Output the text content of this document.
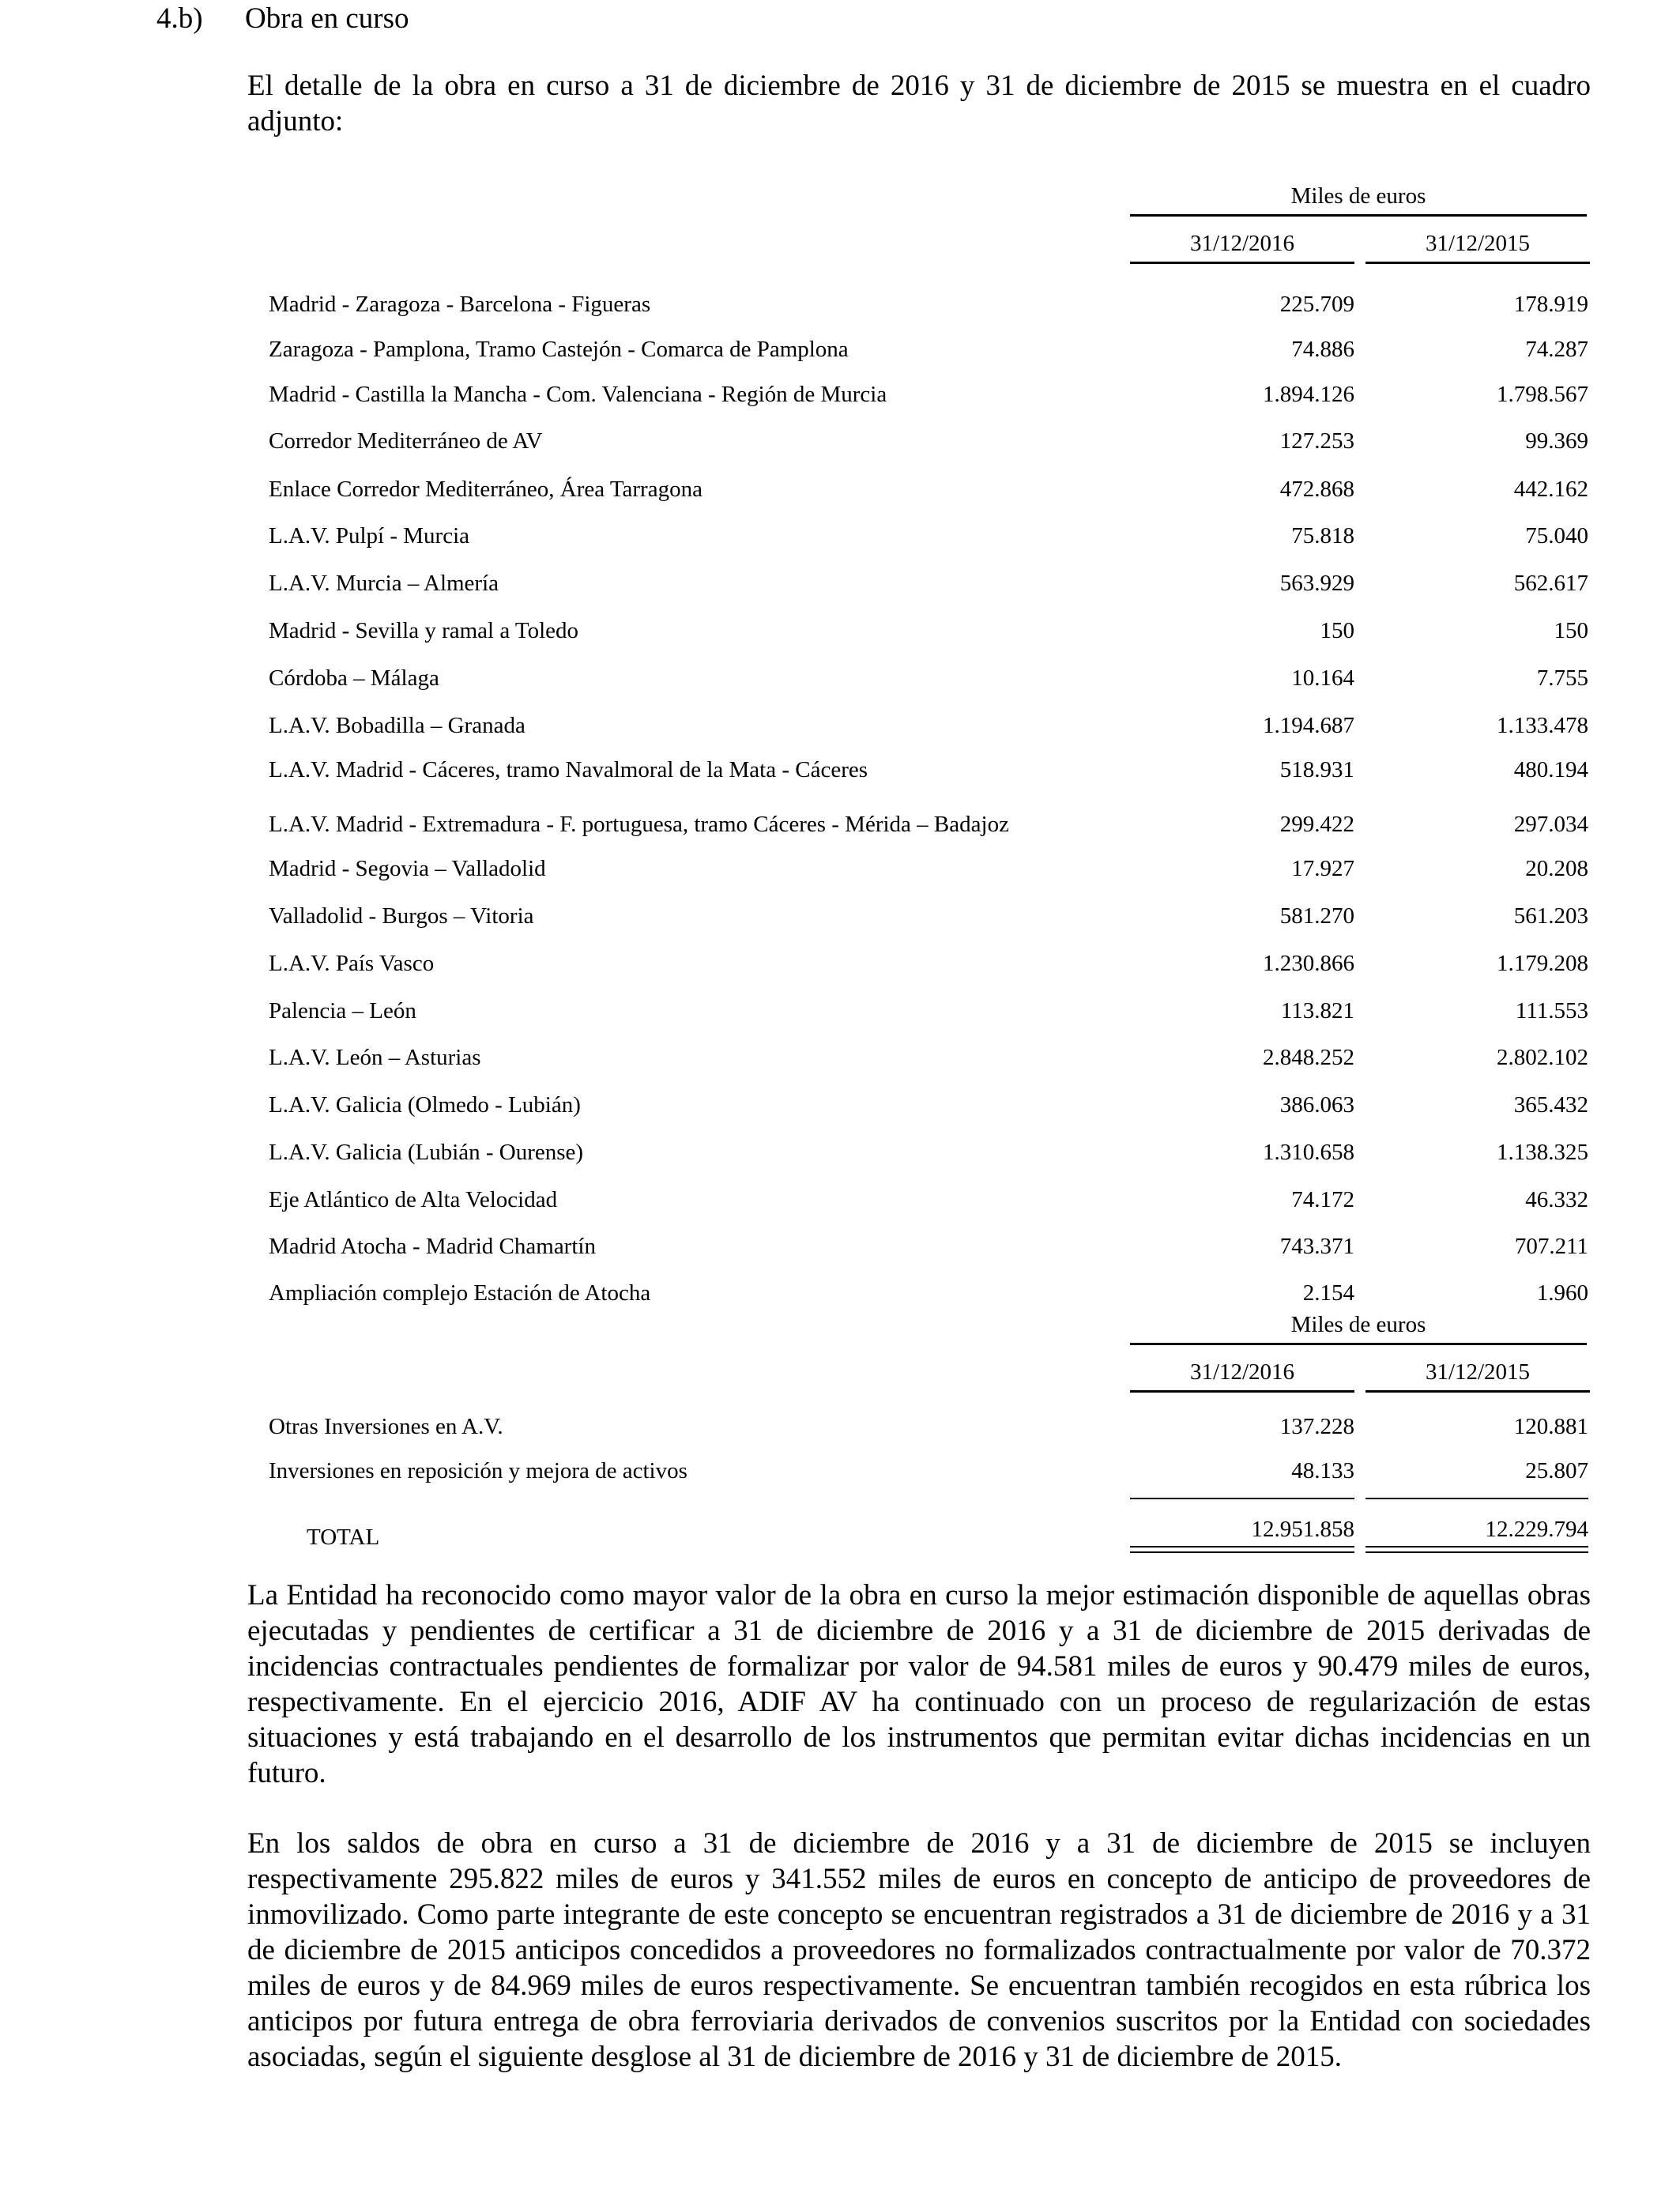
4.b) Obra en curso
El detalle de la obra en curso a 31 de diciembre de 2016 y 31 de diciembre de 2015 se muestra en el cuadro adjunto:
Miles de euros
31/12/2016	31/12/2015
Madrid - Zaragoza - Barcelona - Figueras	225.709	178.919
Zaragoza - Pamplona, Tramo Castejón - Comarca de Pamplona	74.886	74.287
Madrid - Castilla la Mancha - Com. Valenciana - Región de Murcia	1.894.126	1.798.567
Corredor Mediterráneo de AV	127.253	99.369
Enlace Corredor Mediterráneo, Área Tarragona	472.868	442.162
L.A.V. Pulpí - Murcia	75.818	75.040
L.A.V. Murcia – Almería	563.929	562.617
Madrid - Sevilla y ramal a Toledo	150	150
Córdoba – Málaga	10.164	7.755
L.A.V. Bobadilla – Granada	1.194.687	1.133.478
L.A.V. Madrid - Cáceres, tramo Navalmoral de la Mata - Cáceres	518.931	480.194
L.A.V. Madrid - Extremadura - F. portuguesa, tramo Cáceres - Mérida – Badajoz	299.422	297.034
Madrid - Segovia – Valladolid	17.927	20.208
Valladolid - Burgos – Vitoria	581.270	561.203
L.A.V. País Vasco	1.230.866	1.179.208
Palencia – León	113.821	111.553
L.A.V. León – Asturias	2.848.252	2.802.102
L.A.V. Galicia (Olmedo - Lubián)	386.063	365.432
L.A.V. Galicia (Lubián - Ourense)	1.310.658	1.138.325
Eje Atlántico de Alta Velocidad	74.172	46.332
Madrid Atocha - Madrid Chamartín	743.371	707.211
Ampliación complejo Estación de Atocha	2.154	1.960
Miles de euros
31/12/2016	31/12/2015
Otras Inversiones en A.V.	137.228	120.881
Inversiones en reposición y mejora de activos	48.133	25.807
TOTAL	12.951.858	12.229.794
La Entidad ha reconocido como mayor valor de la obra en curso la mejor estimación disponible de aquellas obras ejecutadas y pendientes de certificar a 31 de diciembre de 2016 y a 31 de diciembre de 2015 derivadas de incidencias contractuales pendientes de formalizar por valor de 94.581 miles de euros y 90.479 miles de euros, respectivamente. En el ejercicio 2016, ADIF AV ha continuado con un proceso de regularización de estas situaciones y está trabajando en el desarrollo de los instrumentos que permitan evitar dichas incidencias en un futuro.
En los saldos de obra en curso a 31 de diciembre de 2016 y a 31 de diciembre de 2015 se incluyen respectivamente 295.822 miles de euros y 341.552 miles de euros en concepto de anticipo de proveedores de inmovilizado. Como parte integrante de este concepto se encuentran registrados a 31 de diciembre de 2016 y a 31 de diciembre de 2015 anticipos concedidos a proveedores no formalizados contractualmente por valor de 70.372 miles de euros y de 84.969 miles de euros respectivamente. Se encuentran también recogidos en esta rúbrica los anticipos por futura entrega de obra ferroviaria derivados de convenios suscritos por la Entidad con sociedades asociadas, según el siguiente desglose al 31 de diciembre de 2016 y 31 de diciembre de 2015.
